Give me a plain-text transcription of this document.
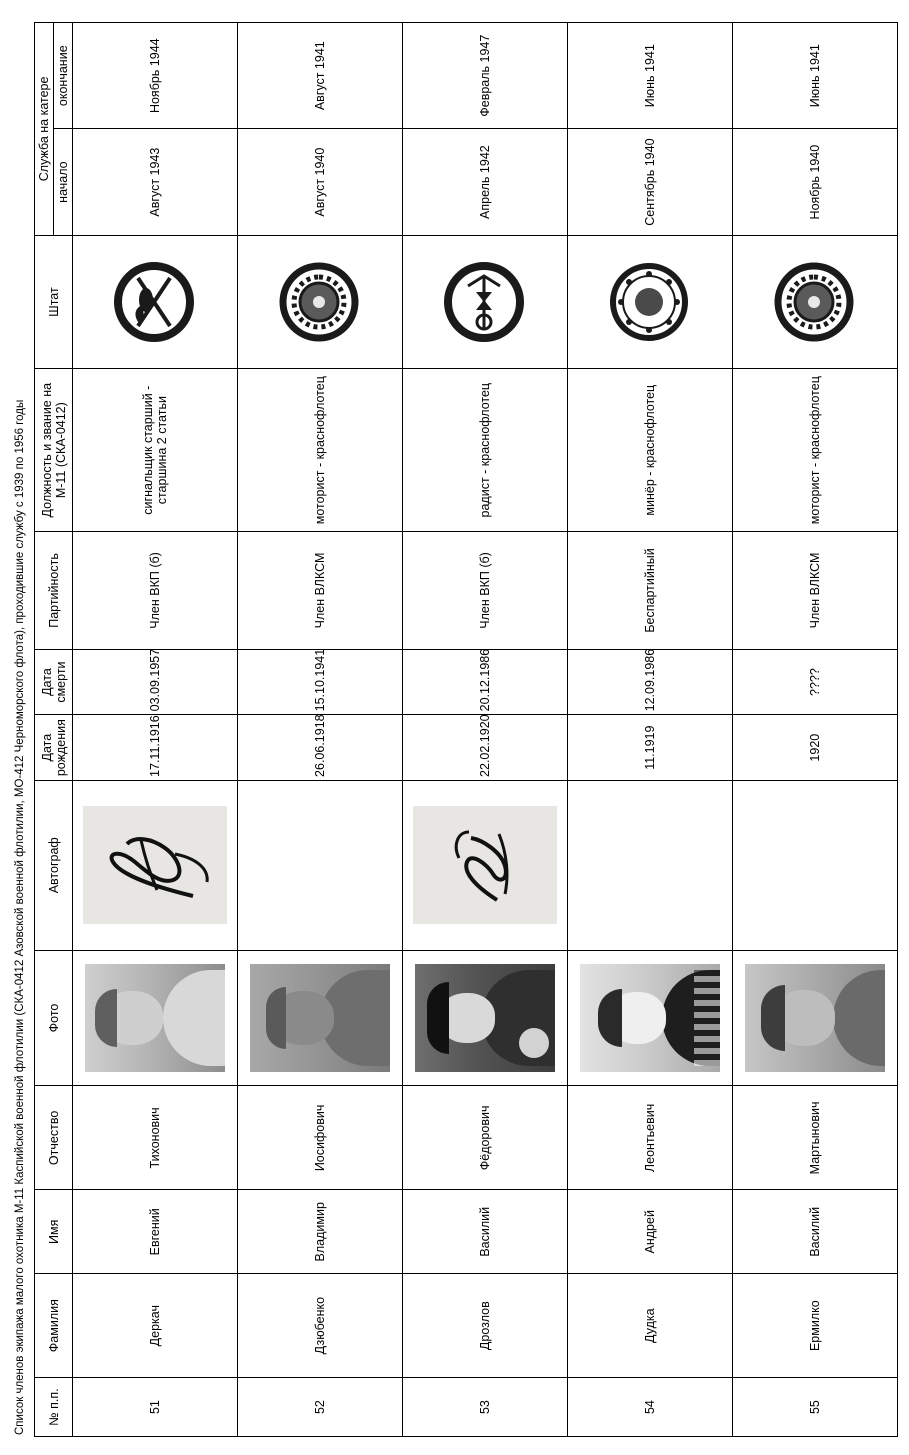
Список членов экипажа малого охотника М-11 Каспийской военной флотилии (СКА-0412 Азовской военной флотилии, МО-412 Черноморского флота), проходившие службу с 1939 по 1956 годы № п.п.	Фамилия	Имя	Отчество	Фото	Автограф	Дата рождения	Дата смерти	Партийность	Должность и звание на М-11 (СКА-0412)	Штат	Служба на катере	
											начало	окончание
51	Деркач	Евгений	Тихонович			17.11.1916	03.09.1957	Член ВКП (б)	сигнальщик старший - старшина 2 статьи		Август 1943	Ноябрь 1944
52	Дзюбенко	Владимир	Иосифович			26.06.1918	15.10.1941	Член ВЛКСМ	моторист - краснофлотец		Август 1940	Август 1941
53	Дрозлов	Василий	Фёдорович			22.02.1920	20.12.1986	Член ВКП (б)	радист - краснофлотец		Апрель 1942	Февраль 1947
54	Дудка	Андрей	Леонтьевич			11.1919	12.09.1986	Беспартийный	минёр - краснофлотец		Сентябрь 1940	Июнь 1941
55	Ермилко	Василий	Мартынович			1920	????	Член ВЛКСМ	моторист - краснофлотец		Ноябрь 1940	Июнь 1941
